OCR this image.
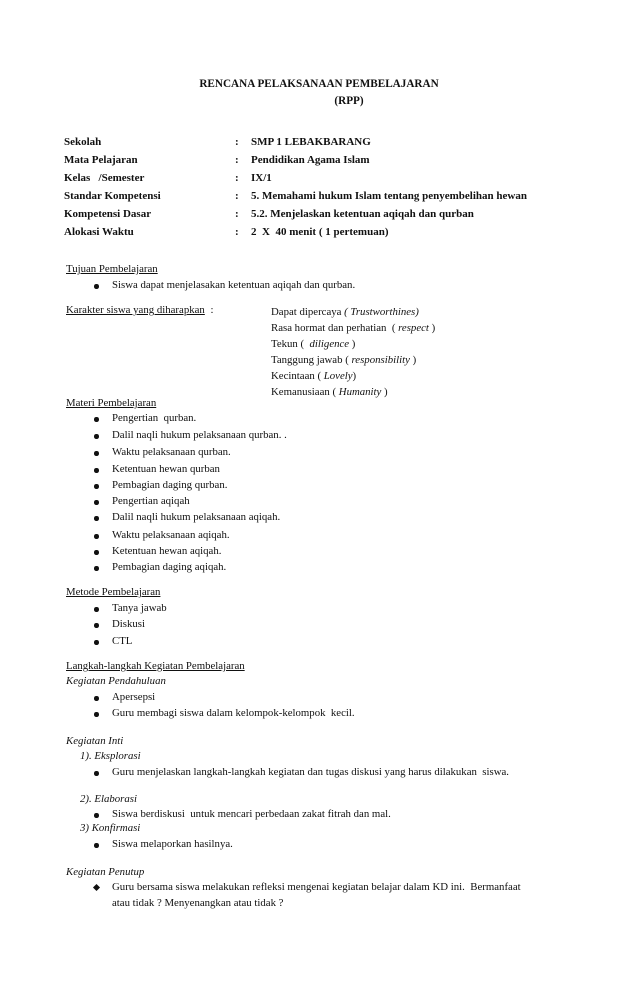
RENCANA PELAKSANAAN PEMBELAJARAN
(RPP)
Sekolah	: SMP 1 LEBAKBARANG
Mata Pelajaran	: Pendidikan Agama Islam
Kelas   /Semester	: IX/1
Standar Kompetensi	: 5. Memahami hukum Islam tentang penyembelihan hewan
Kompetensi Dasar	: 5.2. Menjelaskan ketentuan aqiqah dan qurban
Alokasi Waktu	: 2  X  40 menit ( 1 pertemuan)
Tujuan Pembelajaran
Siswa dapat menjelasakan ketentuan aqiqah dan qurban.
Karakter siswa yang diharapkan :	Dapat dipercaya ( Trustworthines)
Rasa hormat dan perhatian  ( respect )
Tekun (  diligence )
Tanggung jawab ( responsibility )
Kecintaan ( Lovely)
Kemanusiaan ( Humanity )
Materi Pembelajaran
Pengertian  qurban.
Dalil naqli hukum pelaksanaan qurban. .
Waktu pelaksanaan qurban.
Ketentuan hewan qurban
Pembagian daging qurban.
Pengertian aqiqah
Dalil naqli hukum pelaksanaan aqiqah.
Waktu pelaksanaan aqiqah.
Ketentuan hewan aqiqah.
Pembagian daging aqiqah.
Metode Pembelajaran
Tanya jawab
Diskusi
CTL
Langkah-langkah Kegiatan Pembelajaran
Kegiatan Pendahuluan
Apersepsi
Guru membagi siswa dalam kelompok-kelompok  kecil.
Kegiatan Inti
1). Eksplorasi
Guru menjelaskan langkah-langkah kegiatan dan tugas diskusi yang harus dilakukan  siswa.
2). Elaborasi
Siswa berdiskusi  untuk mencari perbedaan zakat fitrah dan mal.
3) Konfirmasi
Siswa melaporkan hasilnya.
Kegiatan Penutup
Guru bersama siswa melakukan refleksi mengenai kegiatan belajar dalam KD ini.  Bermanfaat
atau tidak ? Menyenangkan atau tidak ?
